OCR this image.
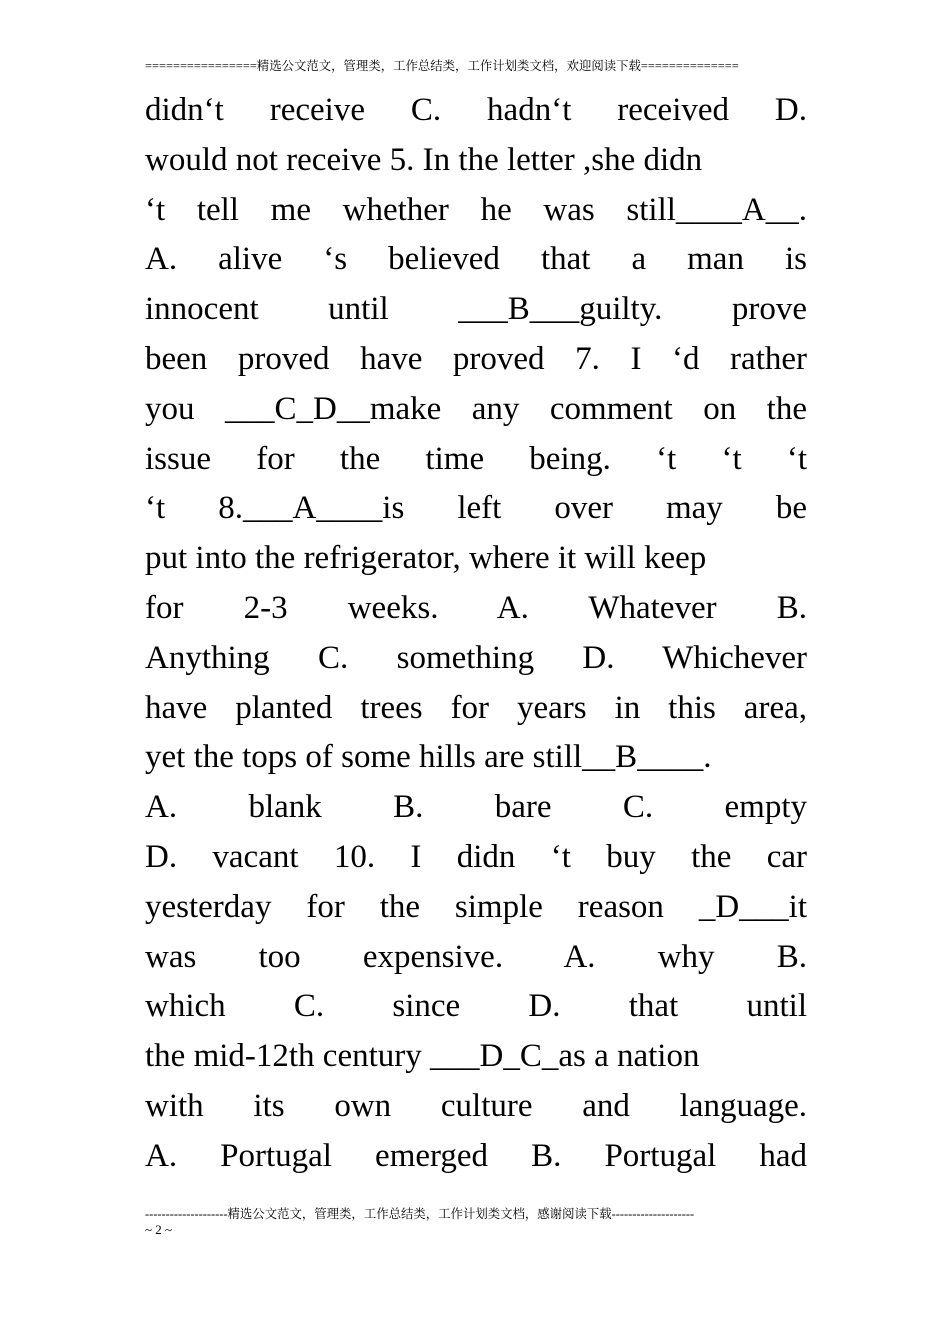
================精选公文范文，管理类，工作总结类，工作计划类文档，欢迎阅读下载==============
didn‘t receive C. hadn‘t received D.
would not receive 5. In the letter ,she didn
‘t tell me whether he was still____A__.
A. alive ‘s believed that a man is
innocent until ___B___guilty. prove
been proved have proved 7. I ‘d rather
you ___C_D__make any comment on the
issue for the time being. ‘t ‘t ‘t
‘t 8.___A____is left over may be
put into the refrigerator, where it will keep
for 2-3 weeks. A. Whatever B.
Anything C. something D. Whichever
have planted trees for years in this area,
yet the tops of some hills are still__B____.
A. blank B. bare C. empty
D. vacant 10. I didn ‘t buy the car
yesterday for the simple reason _D___it
was too expensive. A. why B.
which C. since D. that until
the mid-12th century ___D_C_as a nation
with its own culture and language.
A. Portugal emerged B. Portugal had
--------------------精选公文范文，管理类，工作总结类，工作计划类文档，感谢阅读下载--------------------
~ 2 ~
